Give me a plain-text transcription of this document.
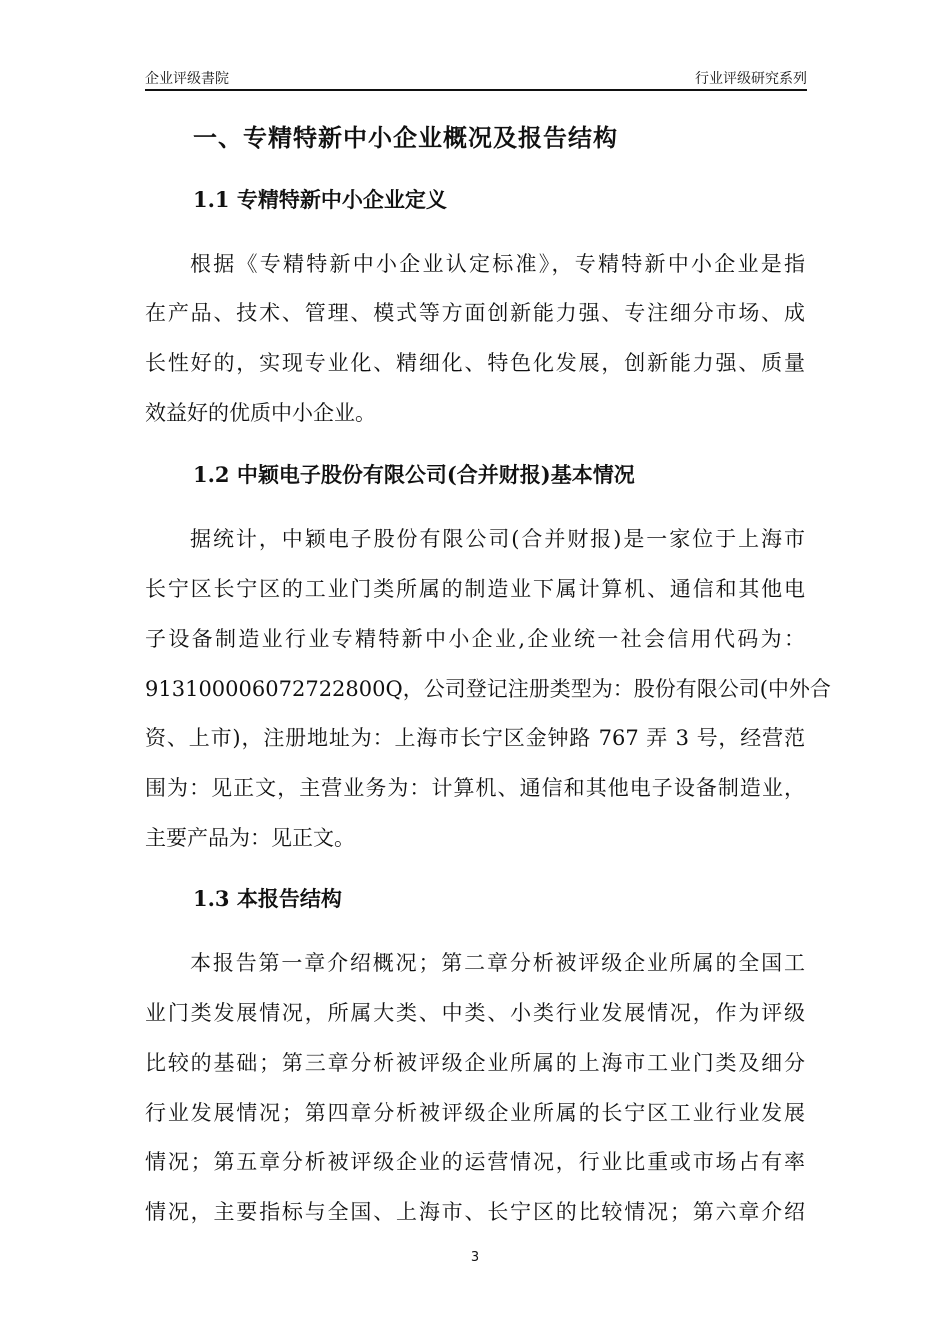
企业评级書院	行业评级研究系列
一、专精特新中小企业概况及报告结构
1.1 专精特新中小企业定义
根据《专精特新中小企业认定标准》，专精特新中小企业是指
在产品、技术、管理、模式等方面创新能力强、专注细分市场、成
长性好的，实现专业化、精细化、特色化发展，创新能力强、质量
效益好的优质中小企业。
1.2 中颖电子股份有限公司(合并财报)基本情况
据统计，中颖电子股份有限公司(合并财报)是一家位于上海市
长宁区长宁区的工业门类所属的制造业下属计算机、通信和其他电
子设备制造业行业专精特新中小企业,企业统一社会信用代码为：
913100006072722800Q，公司登记注册类型为：股份有限公司(中外合
资、上市)，注册地址为：上海市长宁区金钟路 767 弄 3 号，经营范
围为：见正文，主营业务为：计算机、通信和其他电子设备制造业，
主要产品为：见正文。
1.3 本报告结构
本报告第一章介绍概况；第二章分析被评级企业所属的全国工
业门类发展情况，所属大类、中类、小类行业发展情况，作为评级
比较的基础；第三章分析被评级企业所属的上海市工业门类及细分
行业发展情况；第四章分析被评级企业所属的长宁区工业行业发展
情况；第五章分析被评级企业的运营情况，行业比重或市场占有率
情况，主要指标与全国、上海市、长宁区的比较情况；第六章介绍
3
